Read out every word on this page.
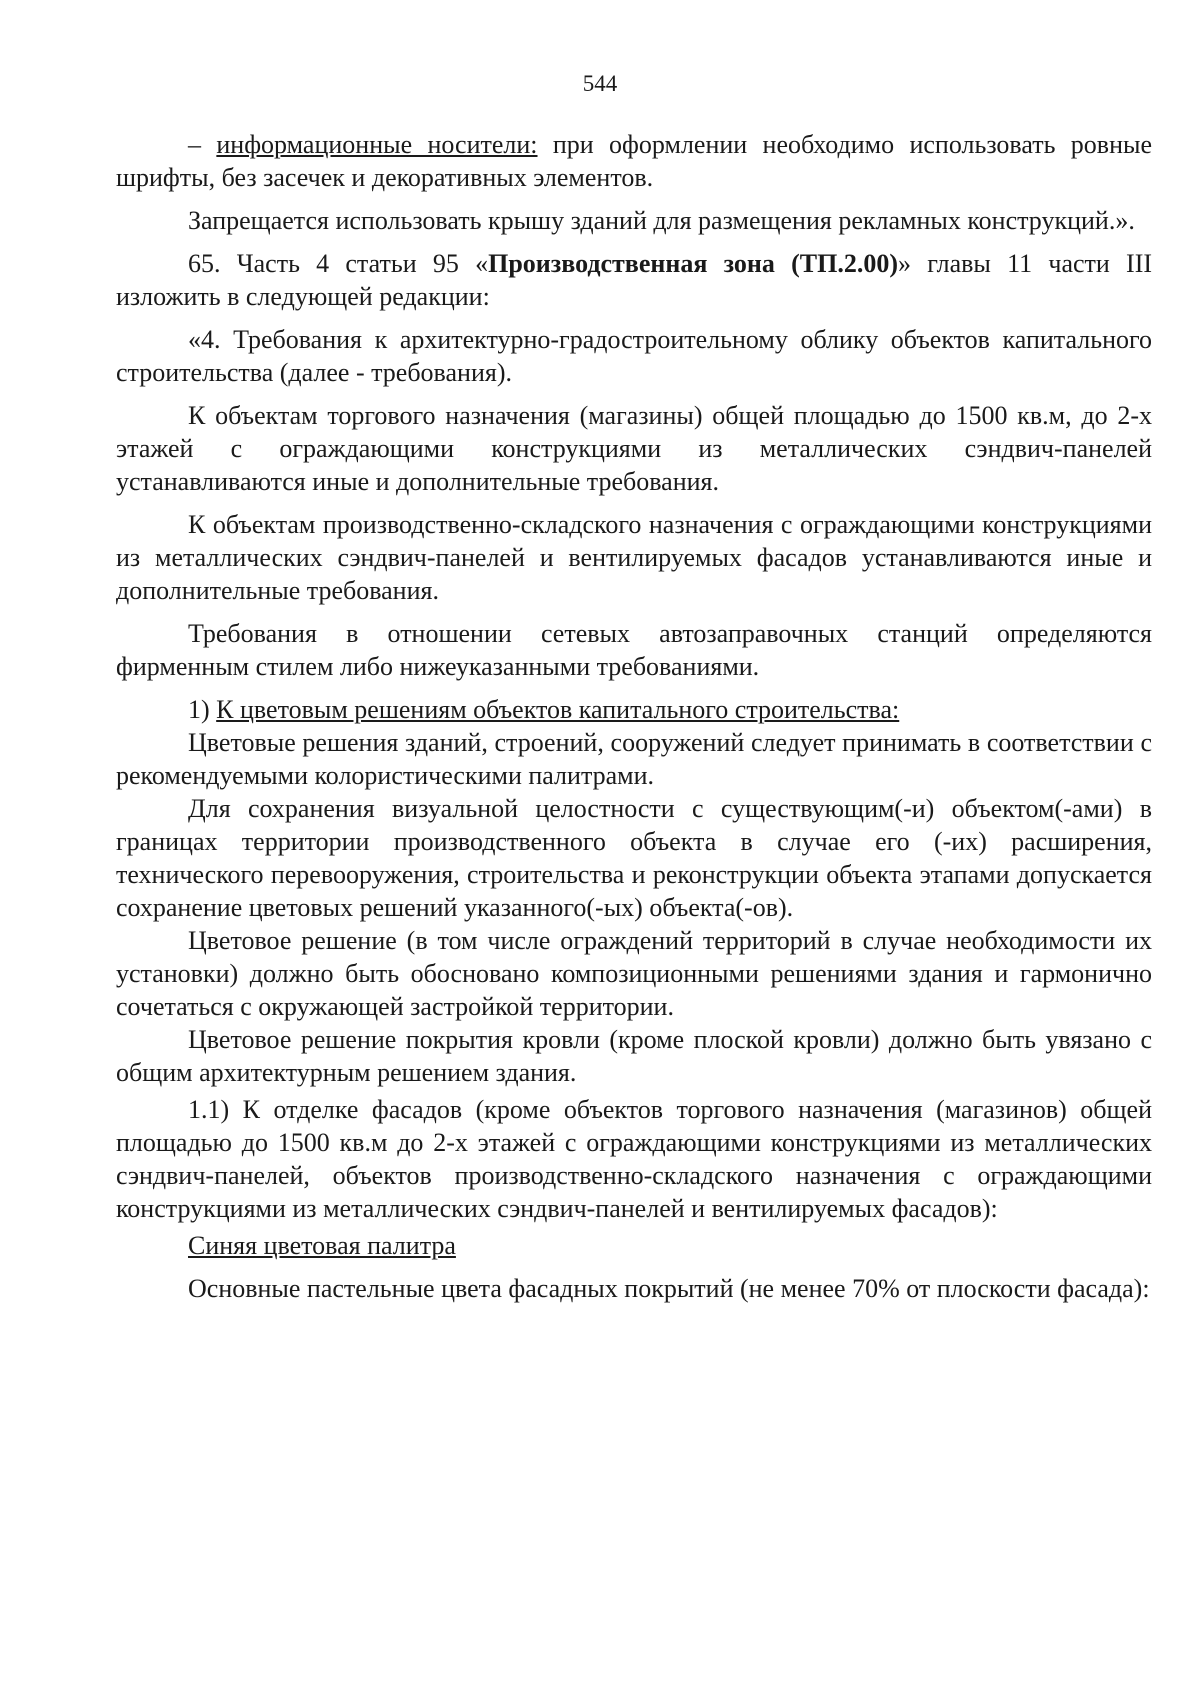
544

– информационные носители: при оформлении необходимо использовать ровные шрифты, без засечек и декоративных элементов.

Запрещается использовать крышу зданий для размещения рекламных конструкций.».

65. Часть 4 статьи 95 «Производственная зона (ТП.2.00)» главы 11 части III изложить в следующей редакции:

«4. Требования к архитектурно-градостроительному облику объектов капитального строительства (далее - требования).

К объектам торгового назначения (магазины) общей площадью до 1500 кв.м, до 2-х этажей с ограждающими конструкциями из металлических сэндвич-панелей устанавливаются иные и дополнительные требования.

К объектам производственно-складского назначения с ограждающими конструкциями из металлических сэндвич-панелей и вентилируемых фасадов устанавливаются иные и дополнительные требования.

Требования в отношении сетевых автозаправочных станций определяются фирменным стилем либо нижеуказанными требованиями.

1) К цветовым решениям объектов капитального строительства:

Цветовые решения зданий, строений, сооружений следует принимать в соответствии с рекомендуемыми колористическими палитрами.

Для сохранения визуальной целостности с существующим(-и) объектом(-ами) в границах территории производственного объекта в случае его (-их) расширения, технического перевооружения, строительства и реконструкции объекта этапами допускается сохранение цветовых решений указанного(-ых) объекта(-ов).

Цветовое решение (в том числе ограждений территорий в случае необходимости их установки) должно быть обосновано композиционными решениями здания и гармонично сочетаться с окружающей застройкой территории.

Цветовое решение покрытия кровли (кроме плоской кровли) должно быть увязано с общим архитектурным решением здания.

1.1) К отделке фасадов (кроме объектов торгового назначения (магазинов) общей площадью до 1500 кв.м до 2-х этажей с ограждающими конструкциями из металлических сэндвич-панелей, объектов производственно-складского назначения с ограждающими конструкциями из металлических сэндвич-панелей и вентилируемых фасадов):

Синяя цветовая палитра

Основные пастельные цвета фасадных покрытий (не менее 70% от плоскости фасада):
